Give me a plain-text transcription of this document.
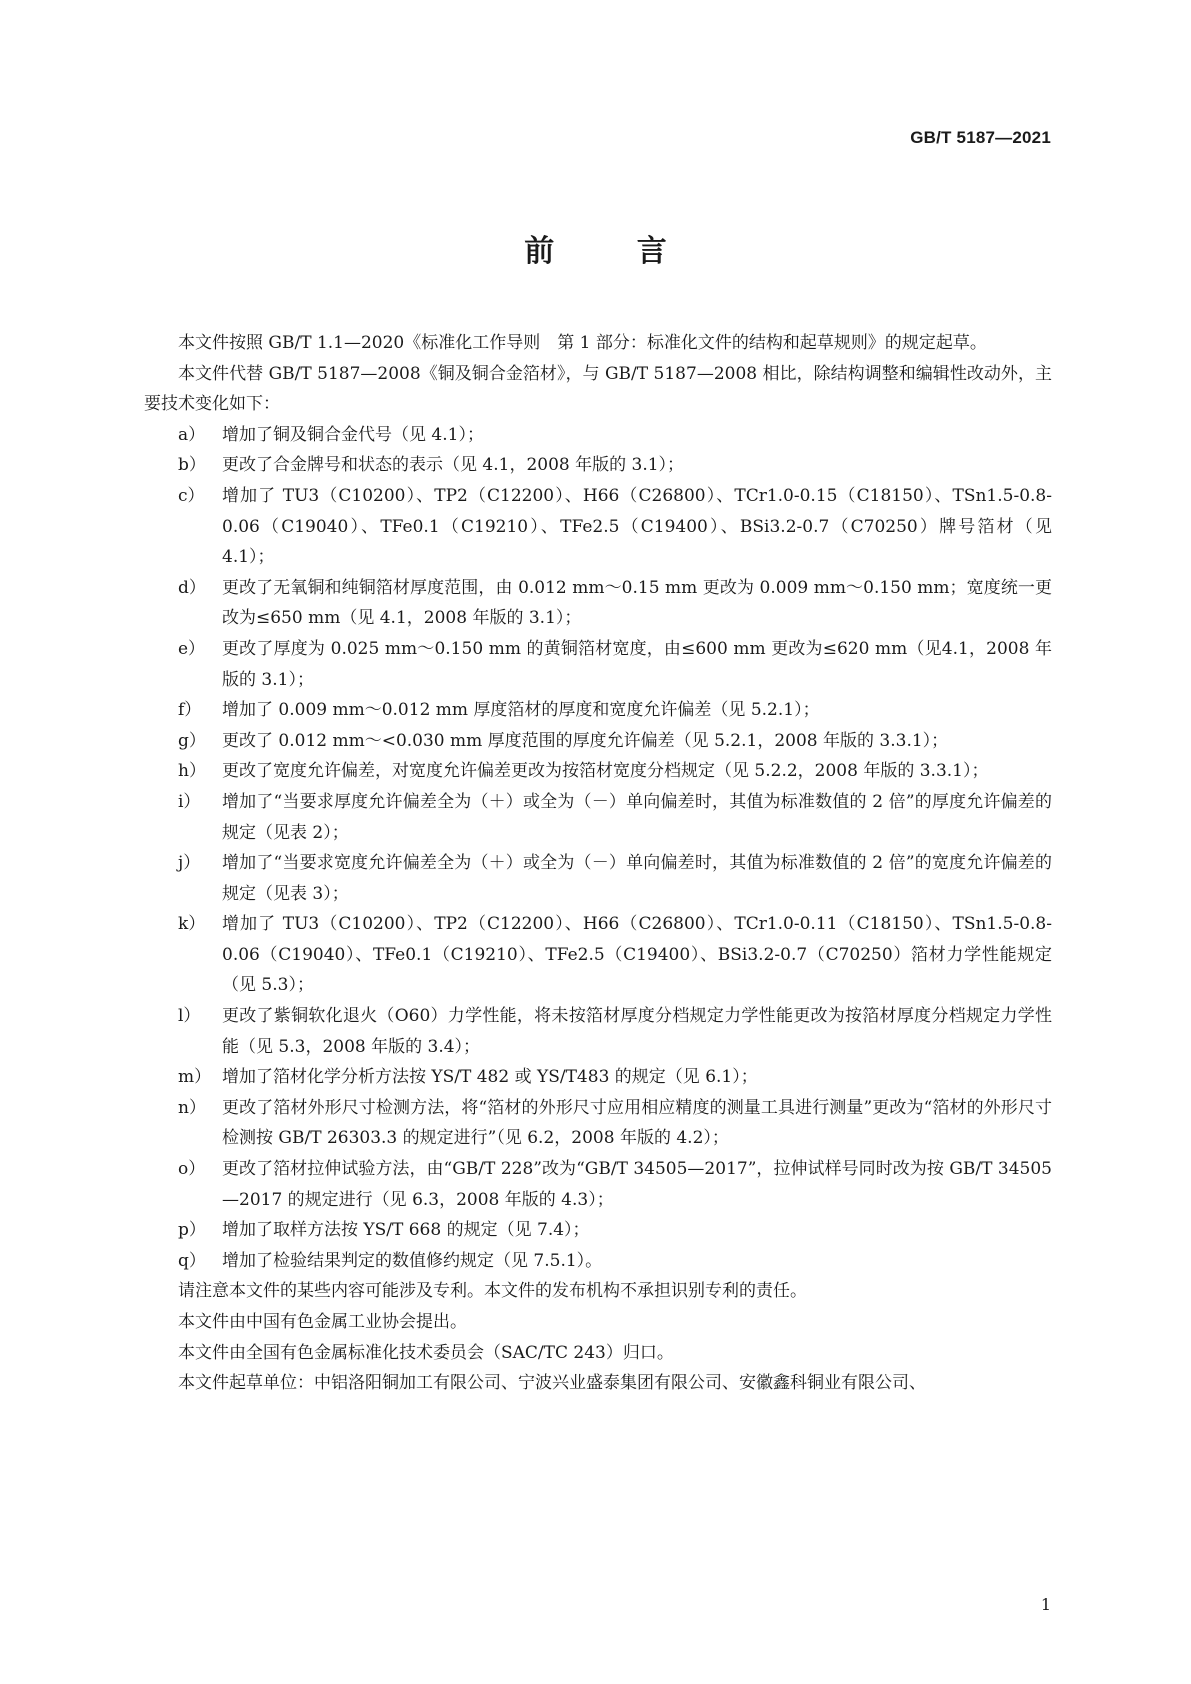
GB/T 5187—2021
前 言

本文件按照 GB/T 1.1—2020《标准化工作导则　第 1 部分：标准化文件的结构和起草规则》的规定起草。

本文件代替 GB/T 5187—2008《铜及铜合金箔材》，与 GB/T 5187—2008 相比，除结构调整和编辑性改动外，主要技术变化如下：

a） 增加了铜及铜合金代号（见 4.1）；
b） 更改了合金牌号和状态的表示（见 4.1，2008 年版的 3.1）；
c）	增加了 TU3（C10200）、TP2（C12200）、H66（C26800）、TCr1.0-0.15（C18150）、TSn1.5-0.8-0.06（C19040）、TFe0.1（C19210）、TFe2.5（C19400）、BSi3.2-0.7（C70250）牌号箔材（见 4.1）；
d） 更改了无氧铜和纯铜箔材厚度范围，由 0.012 mm～0.15 mm 更改为 0.009 mm～0.150 mm；宽度统一更改为≤650 mm（见 4.1，2008 年版的 3.1）；
e） 更改了厚度为 0.025 mm～0.150 mm 的黄铜箔材宽度，由≤600 mm 更改为≤620 mm（见4.1，2008 年版的 3.1）；
f）	增加了 0.009 mm～0.012 mm 厚度箔材的厚度和宽度允许偏差（见 5.2.1）；
g） 更改了 0.012 mm～<0.030 mm 厚度范围的厚度允许偏差（见 5.2.1，2008 年版的 3.3.1）；
h） 更改了宽度允许偏差，对宽度允许偏差更改为按箔材宽度分档规定（见 5.2.2，2008 年版的 3.3.1）；
i）	增加了“当要求厚度允许偏差全为（＋）或全为（－）单向偏差时，其值为标准数值的 2 倍”的厚度允许偏差的规定（见表 2）；
j）	增加了“当要求宽度允许偏差全为（＋）或全为（－）单向偏差时，其值为标准数值的 2 倍”的宽度允许偏差的规定（见表 3）；
k） 增加了 TU3（C10200）、TP2（C12200）、H66（C26800）、TCr1.0-0.11（C18150）、TSn1.5-0.8-0.06（C19040）、TFe0.1（C19210）、TFe2.5（C19400）、BSi3.2-0.7（C70250）箔材力学性能规定（见 5.3）；
l）	更改了紫铜软化退火（O60）力学性能，将未按箔材厚度分档规定力学性能更改为按箔材厚度分档规定力学性能（见 5.3，2008 年版的 3.4）；
m） 增加了箔材化学分析方法按 YS/T 482 或 YS/T483 的规定（见 6.1）；
n） 更改了箔材外形尺寸检测方法，将“箔材的外形尺寸应用相应精度的测量工具进行测量”更改为“箔材的外形尺寸检测按 GB/T 26303.3 的规定进行”（见 6.2，2008 年版的 4.2）；
o） 更改了箔材拉伸试验方法，由“GB/T 228”改为“GB/T 34505—2017”，拉伸试样号同时改为按 GB/T 34505—2017 的规定进行（见 6.3，2008 年版的 4.3）；
p） 增加了取样方法按 YS/T 668 的规定（见 7.4）；
q） 增加了检验结果判定的数值修约规定（见 7.5.1）。

请注意本文件的某些内容可能涉及专利。本文件的发布机构不承担识别专利的责任。

本文件由中国有色金属工业协会提出。

本文件由全国有色金属标准化技术委员会（SAC/TC 243）归口。

本文件起草单位：中铝洛阳铜加工有限公司、宁波兴业盛泰集团有限公司、安徽鑫科铜业有限公司、

1
